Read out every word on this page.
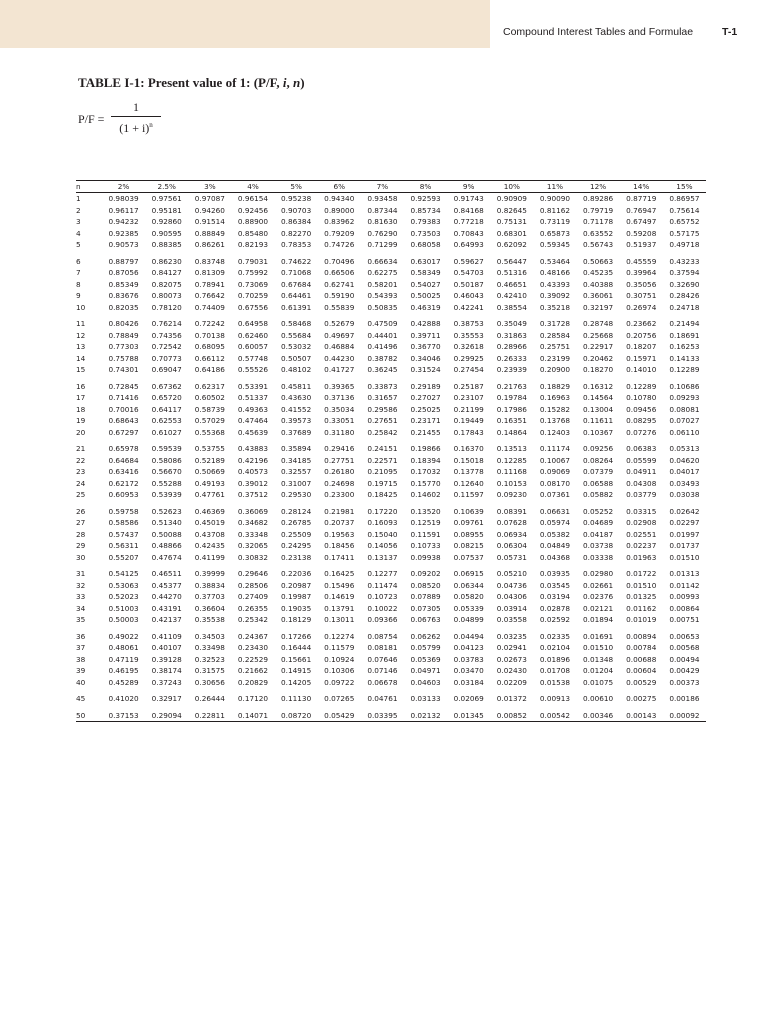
Compound Interest Tables and Formulae	T-1
TABLE I-1: Present value of 1: (P/F, i, n)
P/F =
1
$(1 + i)^n$
n	2%	2.5%	3%	4%	5%	6%	7%	8%	9%	10%	11%	12%	14%	15%
1	0.98039	0.97561	0.97087	0.96154	0.95238	0.94340	0.93458	0.92593	0.91743	0.90909	0.90090	0.89286	0.87719	0.86957
2	0.96117	0.95181	0.94260	0.92456	0.90703	0.89000	0.87344	0.85734	0.84168	0.82645	0.81162	0.79719	0.76947	0.75614
3	0.94232	0.92860	0.91514	0.88900	0.86384	0.83962	0.81630	0.79383	0.77218	0.75131	0.73119	0.71178	0.67497	0.65752
4	0.92385	0.90595	0.88849	0.85480	0.82270	0.79209	0.76290	0.73503	0.70843	0.68301	0.65873	0.63552	0.59208	0.57175
5	0.90573	0.88385	0.86261	0.82193	0.78353	0.74726	0.71299	0.68058	0.64993	0.62092	0.59345	0.56743	0.51937	0.49718
6	0.88797	0.86230	0.83748	0.79031	0.74622	0.70496	0.66634	0.63017	0.59627	0.56447	0.53464	0.50663	0.45559	0.43233
7	0.87056	0.84127	0.81309	0.75992	0.71068	0.66506	0.62275	0.58349	0.54703	0.51316	0.48166	0.45235	0.39964	0.37594
8	0.85349	0.82075	0.78941	0.73069	0.67684	0.62741	0.58201	0.54027	0.50187	0.46651	0.43393	0.40388	0.35056	0.32690
9	0.83676	0.80073	0.76642	0.70259	0.64461	0.59190	0.54393	0.50025	0.46043	0.42410	0.39092	0.36061	0.30751	0.28426
10	0.82035	0.78120	0.74409	0.67556	0.61391	0.55839	0.50835	0.46319	0.42241	0.38554	0.35218	0.32197	0.26974	0.24718
11	0.80426	0.76214	0.72242	0.64958	0.58468	0.52679	0.47509	0.42888	0.38753	0.35049	0.31728	0.28748	0.23662	0.21494
12	0.78849	0.74356	0.70138	0.62460	0.55684	0.49697	0.44401	0.39711	0.35553	0.31863	0.28584	0.25668	0.20756	0.18691
13	0.77303	0.72542	0.68095	0.60057	0.53032	0.46884	0.41496	0.36770	0.32618	0.28966	0.25751	0.22917	0.18207	0.16253
14	0.75788	0.70773	0.66112	0.57748	0.50507	0.44230	0.38782	0.34046	0.29925	0.26333	0.23199	0.20462	0.15971	0.14133
15	0.74301	0.69047	0.64186	0.55526	0.48102	0.41727	0.36245	0.31524	0.27454	0.23939	0.20900	0.18270	0.14010	0.12289
16	0.72845	0.67362	0.62317	0.53391	0.45811	0.39365	0.33873	0.29189	0.25187	0.21763	0.18829	0.16312	0.12289	0.10686
17	0.71416	0.65720	0.60502	0.51337	0.43630	0.37136	0.31657	0.27027	0.23107	0.19784	0.16963	0.14564	0.10780	0.09293
18	0.70016	0.64117	0.58739	0.49363	0.41552	0.35034	0.29586	0.25025	0.21199	0.17986	0.15282	0.13004	0.09456	0.08081
19	0.68643	0.62553	0.57029	0.47464	0.39573	0.33051	0.27651	0.23171	0.19449	0.16351	0.13768	0.11611	0.08295	0.07027
20	0.67297	0.61027	0.55368	0.45639	0.37689	0.31180	0.25842	0.21455	0.17843	0.14864	0.12403	0.10367	0.07276	0.06110
21	0.65978	0.59539	0.53755	0.43883	0.35894	0.29416	0.24151	0.19866	0.16370	0.13513	0.11174	0.09256	0.06383	0.05313
22	0.64684	0.58086	0.52189	0.42196	0.34185	0.27751	0.22571	0.18394	0.15018	0.12285	0.10067	0.08264	0.05599	0.04620
23	0.63416	0.56670	0.50669	0.40573	0.32557	0.26180	0.21095	0.17032	0.13778	0.11168	0.09069	0.07379	0.04911	0.04017
24	0.62172	0.55288	0.49193	0.39012	0.31007	0.24698	0.19715	0.15770	0.12640	0.10153	0.08170	0.06588	0.04308	0.03493
25	0.60953	0.53939	0.47761	0.37512	0.29530	0.23300	0.18425	0.14602	0.11597	0.09230	0.07361	0.05882	0.03779	0.03038
26	0.59758	0.52623	0.46369	0.36069	0.28124	0.21981	0.17220	0.13520	0.10639	0.08391	0.06631	0.05252	0.03315	0.02642
27	0.58586	0.51340	0.45019	0.34682	0.26785	0.20737	0.16093	0.12519	0.09761	0.07628	0.05974	0.04689	0.02908	0.02297
28	0.57437	0.50088	0.43708	0.33348	0.25509	0.19563	0.15040	0.11591	0.08955	0.06934	0.05382	0.04187	0.02551	0.01997
29	0.56311	0.48866	0.42435	0.32065	0.24295	0.18456	0.14056	0.10733	0.08215	0.06304	0.04849	0.03738	0.02237	0.01737
30	0.55207	0.47674	0.41199	0.30832	0.23138	0.17411	0.13137	0.09938	0.07537	0.05731	0.04368	0.03338	0.01963	0.01510
31	0.54125	0.46511	0.39999	0.29646	0.22036	0.16425	0.12277	0.09202	0.06915	0.05210	0.03935	0.02980	0.01722	0.01313
32	0.53063	0.45377	0.38834	0.28506	0.20987	0.15496	0.11474	0.08520	0.06344	0.04736	0.03545	0.02661	0.01510	0.01142
33	0.52023	0.44270	0.37703	0.27409	0.19987	0.14619	0.10723	0.07889	0.05820	0.04306	0.03194	0.02376	0.01325	0.00993
34	0.51003	0.43191	0.36604	0.26355	0.19035	0.13791	0.10022	0.07305	0.05339	0.03914	0.02878	0.02121	0.01162	0.00864
35	0.50003	0.42137	0.35538	0.25342	0.18129	0.13011	0.09366	0.06763	0.04899	0.03558	0.02592	0.01894	0.01019	0.00751
36	0.49022	0.41109	0.34503	0.24367	0.17266	0.12274	0.08754	0.06262	0.04494	0.03235	0.02335	0.01691	0.00894	0.00653
37	0.48061	0.40107	0.33498	0.23430	0.16444	0.11579	0.08181	0.05799	0.04123	0.02941	0.02104	0.01510	0.00784	0.00568
38	0.47119	0.39128	0.32523	0.22529	0.15661	0.10924	0.07646	0.05369	0.03783	0.02673	0.01896	0.01348	0.00688	0.00494
39	0.46195	0.38174	0.31575	0.21662	0.14915	0.10306	0.07146	0.04971	0.03470	0.02430	0.01708	0.01204	0.00604	0.00429
40	0.45289	0.37243	0.30656	0.20829	0.14205	0.09722	0.06678	0.04603	0.03184	0.02209	0.01538	0.01075	0.00529	0.00373
45	0.41020	0.32917	0.26444	0.17120	0.11130	0.07265	0.04761	0.03133	0.02069	0.01372	0.00913	0.00610	0.00275	0.00186
50	0.37153	0.29094	0.22811	0.14071	0.08720	0.05429	0.03395	0.02132	0.01345	0.00852	0.00542	0.00346	0.00143	0.00092
